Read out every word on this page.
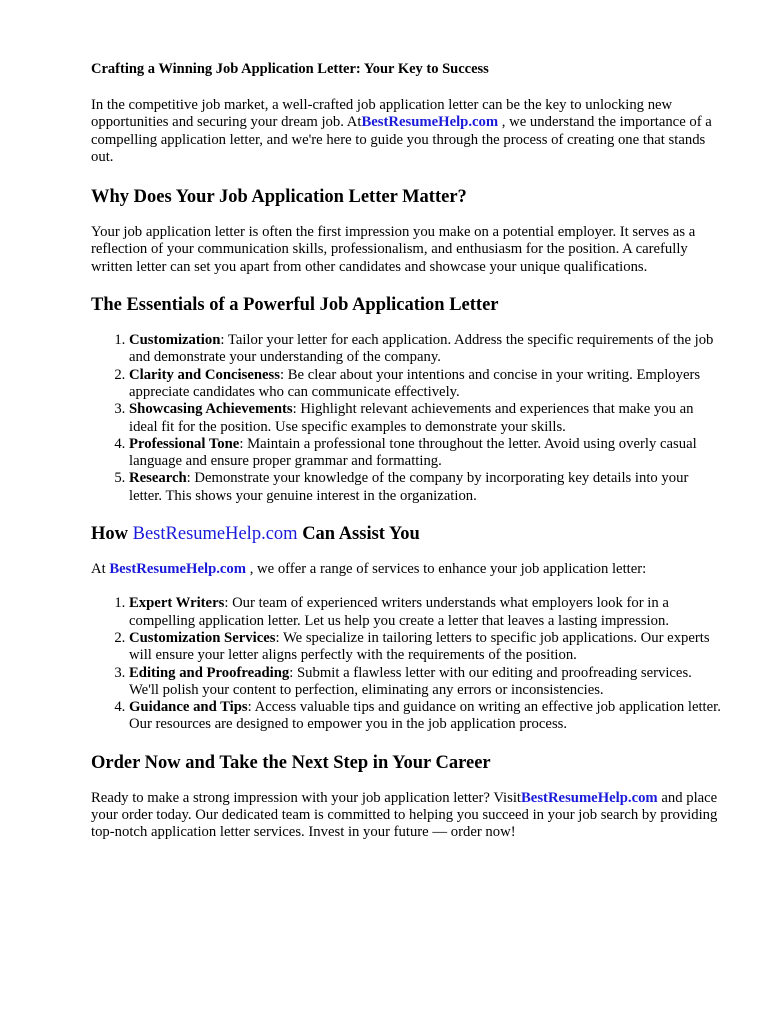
Crafting a Winning Job Application Letter: Your Key to Success

In the competitive job market, a well-crafted job application letter can be the key to unlocking new opportunities and securing your dream job. AtBestResumeHelp.com , we understand the importance of a compelling application letter, and we're here to guide you through the process of creating one that stands out.

Why Does Your Job Application Letter Matter?

Your job application letter is often the first impression you make on a potential employer. It serves as a reflection of your communication skills, professionalism, and enthusiasm for the position. A carefully written letter can set you apart from other candidates and showcase your unique qualifications.

The Essentials of a Powerful Job Application Letter
1. Customization: Tailor your letter for each application. Address the specific requirements of the job and demonstrate your understanding of the company.
2. Clarity and Conciseness: Be clear about your intentions and concise in your writing. Employers appreciate candidates who can communicate effectively.
3. Showcasing Achievements: Highlight relevant achievements and experiences that make you an ideal fit for the position. Use specific examples to demonstrate your skills.
4. Professional Tone: Maintain a professional tone throughout the letter. Avoid using overly casual language and ensure proper grammar and formatting.
5. Research: Demonstrate your knowledge of the company by incorporating key details into your letter. This shows your genuine interest in the organization.
How BestResumeHelp.com Can Assist You

At BestResumeHelp.com , we offer a range of services to enhance your job application letter:

1. Expert Writers: Our team of experienced writers understands what employers look for in a compelling application letter. Let us help you create a letter that leaves a lasting impression.
2. Customization Services: We specialize in tailoring letters to specific job applications. Our experts will ensure your letter aligns perfectly with the requirements of the position.
3. Editing and Proofreading: Submit a flawless letter with our editing and proofreading services. We'll polish your content to perfection, eliminating any errors or inconsistencies.
4. Guidance and Tips: Access valuable tips and guidance on writing an effective job application letter. Our resources are designed to empower you in the job application process.
Order Now and Take the Next Step in Your Career

Ready to make a strong impression with your job application letter? VisitBestResumeHelp.com and place your order today. Our dedicated team is committed to helping you succeed in your job search by providing top-notch application letter services. Invest in your future — order now!
